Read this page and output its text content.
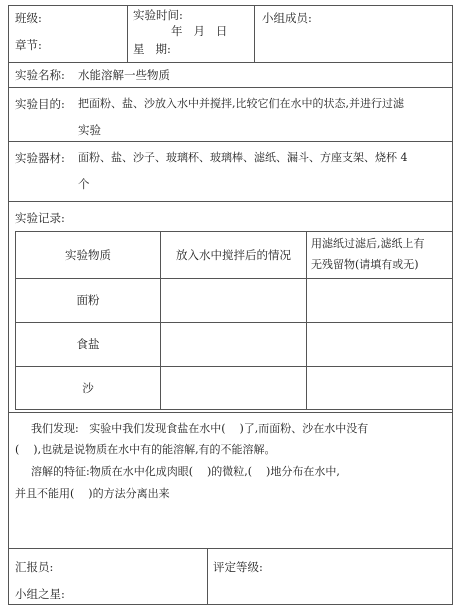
班级:
章节:
实验时间:
年   月   日
星   期:
小组成员:
实验名称: 水能溶解一些物质
实验目的: 把面粉、盐、沙放入水中并搅拌,比较它们在水中的状态,并进行过滤
实验
实验器材: 面粉、盐、沙子、玻璃杯、玻璃棒、滤纸、漏斗、方座支架、烧杯 4
个
实验记录:
实验物质	放入水中搅拌后的情况
用滤纸过滤后,滤纸上有
无残留物(请填有或无)
面粉
食盐
沙
我们发现:   实验中我们发现食盐在水中(    )了,而面粉、沙在水中没有
(    ),也就是说物质在水中有的能溶解,有的不能溶解。
溶解的特征:物质在水中化成肉眼(    )的微粒,(    )地分布在水中,
并且不能用(    )的方法分离出来
汇报员:
小组之星:
评定等级:
